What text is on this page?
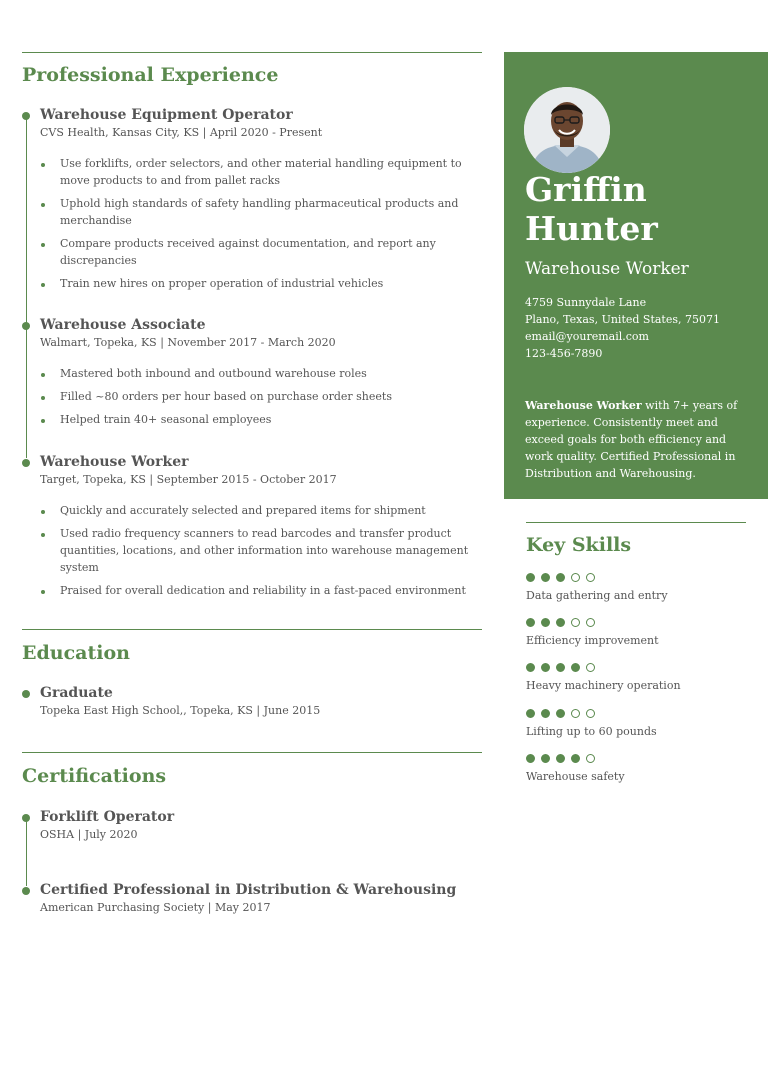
Professional Experience
Warehouse Equipment Operator
CVS Health, Kansas City, KS | April 2020 - Present
Use forklifts, order selectors, and other material handling equipment to move products to and from pallet racks
Uphold high standards of safety handling pharmaceutical products and merchandise
Compare products received against documentation, and report any discrepancies
Train new hires on proper operation of industrial vehicles
Warehouse Associate
Walmart, Topeka, KS | November 2017 - March 2020
Mastered both inbound and outbound warehouse roles
Filled ~80 orders per hour based on purchase order sheets
Helped train 40+ seasonal employees
Warehouse Worker
Target, Topeka, KS | September 2015 - October 2017
Quickly and accurately selected and prepared items for shipment
Used radio frequency scanners to read barcodes and transfer product quantities, locations, and other information into warehouse management system
Praised for overall dedication and reliability in a fast-paced environment
Education
Graduate
Topeka East High School,, Topeka, KS | June 2015
Certifications
Forklift Operator
OSHA | July 2020
Certified Professional in Distribution & Warehousing
American Purchasing Society | May 2017
Griffin
Hunter
Warehouse Worker
4759 Sunnydale Lane
Plano, Texas, United States, 75071
email@youremail.com
123-456-7890
Warehouse Worker with 7+ years of experience. Consistently meet and exceed goals for both efficiency and work quality. Certified Professional in Distribution and Warehousing.
Key Skills
Data gathering and entry
Efficiency improvement
Heavy machinery operation
Lifting up to 60 pounds
Warehouse safety
